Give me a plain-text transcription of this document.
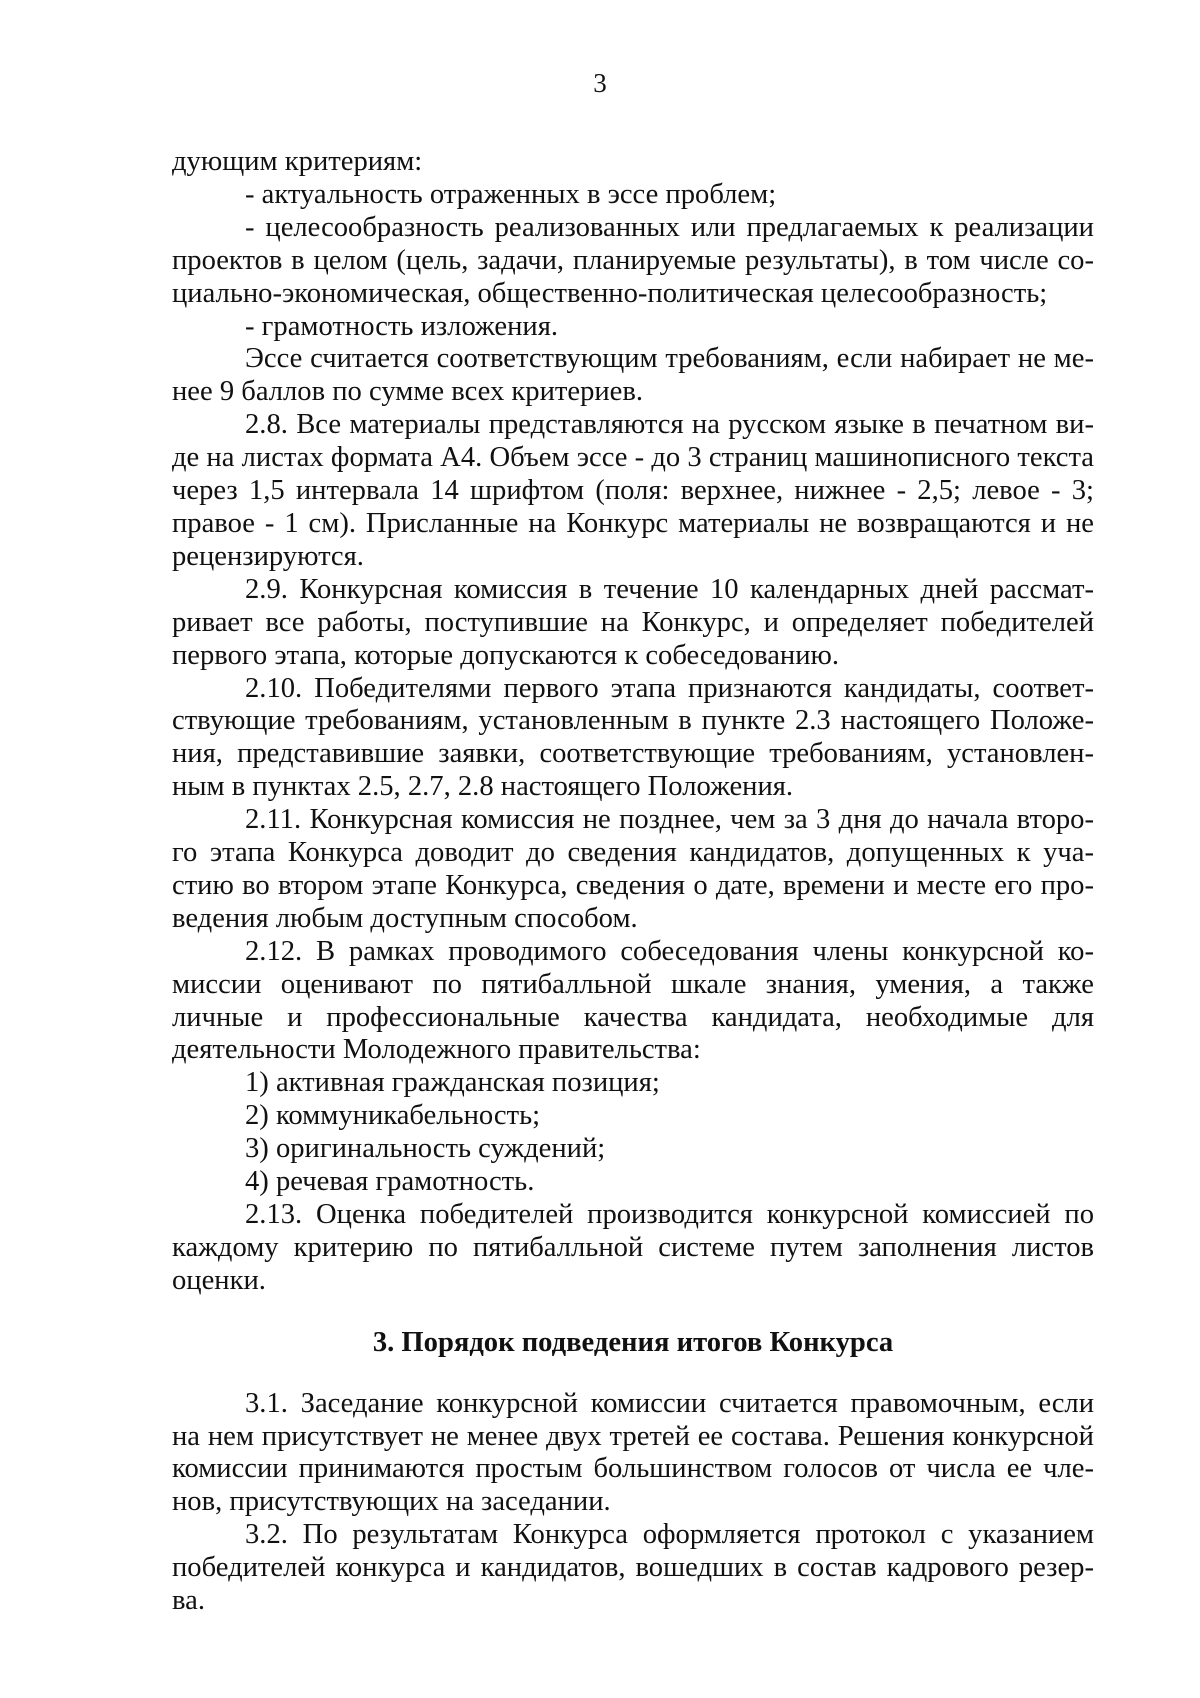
3

дующим критериям:

- актуальность отраженных в эссе проблем;

- целесообразность реализованных или предлагаемых к реализации проектов в целом (цель, задачи, планируемые результаты), в том числе социально-экономическая, общественно-политическая целесообразность;

- грамотность изложения.

Эссе считается соответствующим требованиям, если набирает не менее 9 баллов по сумме всех критериев.

2.8. Все материалы представляются на русском языке в печатном виде на листах формата А4. Объем эссе - до 3 страниц машинописного текста через 1,5 интервала 14 шрифтом (поля: верхнее, нижнее - 2,5; левое - 3; правое - 1 см). Присланные на Конкурс материалы не возвращаются и не рецензируются.

2.9. Конкурсная комиссия в течение 10 календарных дней рассматривает все работы, поступившие на Конкурс, и определяет победителей первого этапа, которые допускаются к собеседованию.

2.10. Победителями первого этапа признаются кандидаты, соответствующие требованиям, установленным в пункте 2.3 настоящего Положения, представившие заявки, соответствующие требованиям, установленным в пунктах 2.5, 2.7, 2.8 настоящего Положения.

2.11. Конкурсная комиссия не позднее, чем за 3 дня до начала второго этапа Конкурса доводит до сведения кандидатов, допущенных к участию во втором этапе Конкурса, сведения о дате, времени и месте его проведения любым доступным способом.

2.12. В рамках проводимого собеседования члены конкурсной комиссии оценивают по пятибалльной шкале знания, умения, а также личные и профессиональные качества кандидата, необходимые для деятельности Молодежного правительства:

1) активная гражданская позиция;

2) коммуникабельность;

3) оригинальность суждений;

4) речевая грамотность.

2.13. Оценка победителей производится конкурсной комиссией по каждому критерию по пятибалльной системе путем заполнения листов оценки.

3. Порядок подведения итогов Конкурса

3.1. Заседание конкурсной комиссии считается правомочным, если на нем присутствует не менее двух третей ее состава. Решения конкурсной комиссии принимаются простым большинством голосов от числа ее членов, присутствующих на заседании.

3.2. По результатам Конкурса оформляется протокол с указанием победителей конкурса и кандидатов, вошедших в состав кадрового резерва.
